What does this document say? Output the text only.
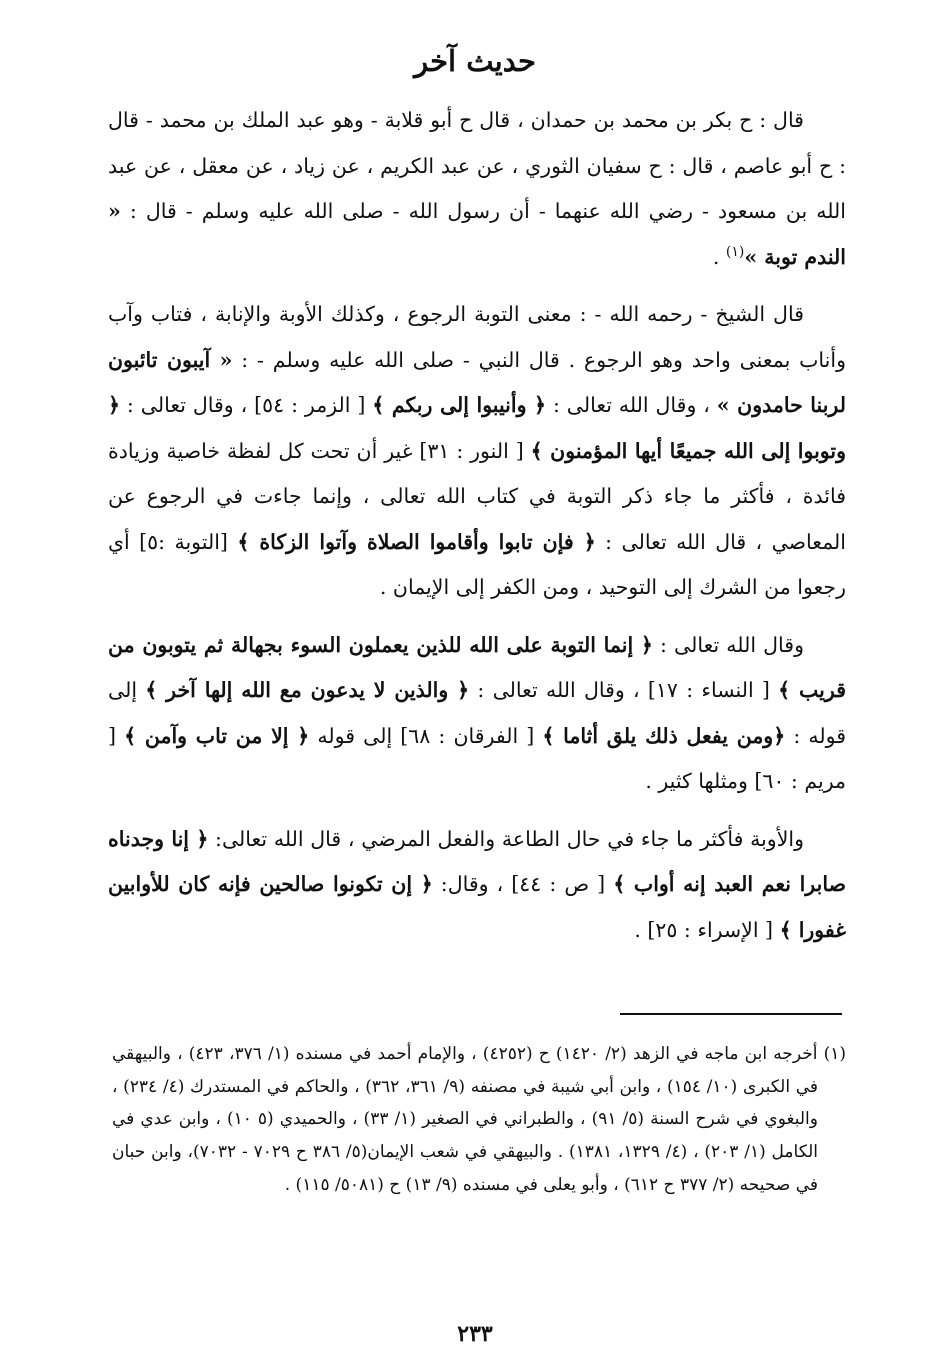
حديث آخر

قال : ح بكر بن محمد بن حمدان ، قال ح أبو قلابة - وهو عبد الملك بن محمد - قال : ح أبو عاصم ، قال : ح سفيان الثوري ، عن عبد الكريم ، عن زياد ، عن معقل ، عن عبد الله بن مسعود - رضي الله عنهما - أن رسول الله - صلى الله عليه وسلم - قال : « الندم توبة »$^{(١)}$ .

قال الشيخ - رحمه الله - : معنى التوبة الرجوع ، وكذلك الأوبة والإنابة ، فتاب وآب وأناب بمعنى واحد وهو الرجوع . قال النبي - صلى الله عليه وسلم - : « آيبون تائبون لربنا حامدون » ، وقال الله تعالى : ﴿ وأنيبوا إلى ربكم ﴾ [ الزمر : ٥٤] ، وقال تعالى : ﴿ وتوبوا إلى الله جميعًا أيها المؤمنون ﴾ [ النور : ٣١] غير أن تحت كل لفظة خاصية وزيادة فائدة ، فأكثر ما جاء ذكر التوبة في كتاب الله تعالى ، وإنما جاءت في الرجوع عن المعاصي ، قال الله تعالى : ﴿ فإن تابوا وأقاموا الصلاة وآتوا الزكاة ﴾ [التوبة :٥] أي رجعوا من الشرك إلى التوحيد ، ومن الكفر إلى الإيمان .

وقال الله تعالى : ﴿ إنما التوبة على الله للذين يعملون السوء بجهالة ثم يتوبون من قريب ﴾ [ النساء : ١٧] ، وقال الله تعالى : ﴿ والذين لا يدعون مع الله إلها آخر ﴾ إلى قوله : ﴿ومن يفعل ذلك يلق أثاما ﴾ [ الفرقان : ٦٨] إلى قوله ﴿ إلا من تاب وآمن ﴾ [ مريم : ٦٠] ومثلها كثير .

والأوبة فأكثر ما جاء في حال الطاعة والفعل المرضي ، قال الله تعالى: ﴿ إنا وجدناه صابرا نعم العبد إنه أواب ﴾ [ ص : ٤٤] ، وقال: ﴿ إن تكونوا صالحين فإنه كان للأوابين غفورا ﴾ [ الإسراء : ٢٥] .

(١) أخرجه ابن ماجه في الزهد (٢/ ١٤٢٠) ح (٤٢٥٢) ، والإمام أحمد في مسنده (١/ ٣٧٦، ٤٢٣) ، والبيهقي في الكبرى (١٠/ ١٥٤) ، وابن أبي شيبة في مصنفه (٩/ ٣٦١، ٣٦٢) ، والحاكم في المستدرك (٤/ ٢٣٤) ، والبغوي في شرح السنة (٥/ ٩١) ، والطبراني في الصغير (١/ ٣٣) ، والحميدي (٥ ١٠) ، وابن عدي في الكامل (١/ ٢٠٣) ، (٤/ ١٣٢٩، ١٣٨١) . والبيهقي في شعب الإيمان(٥/ ٣٨٦ ح ٧٠٢٩ - ٧٠٣٢)، وابن حبان في صحيحه (٢/ ٣٧٧ ح ٦١٢) ، وأبو يعلى في مسنده (٩/ ١٣) ح (٥٠٨١/ ١١٥) .

٢٣٣
